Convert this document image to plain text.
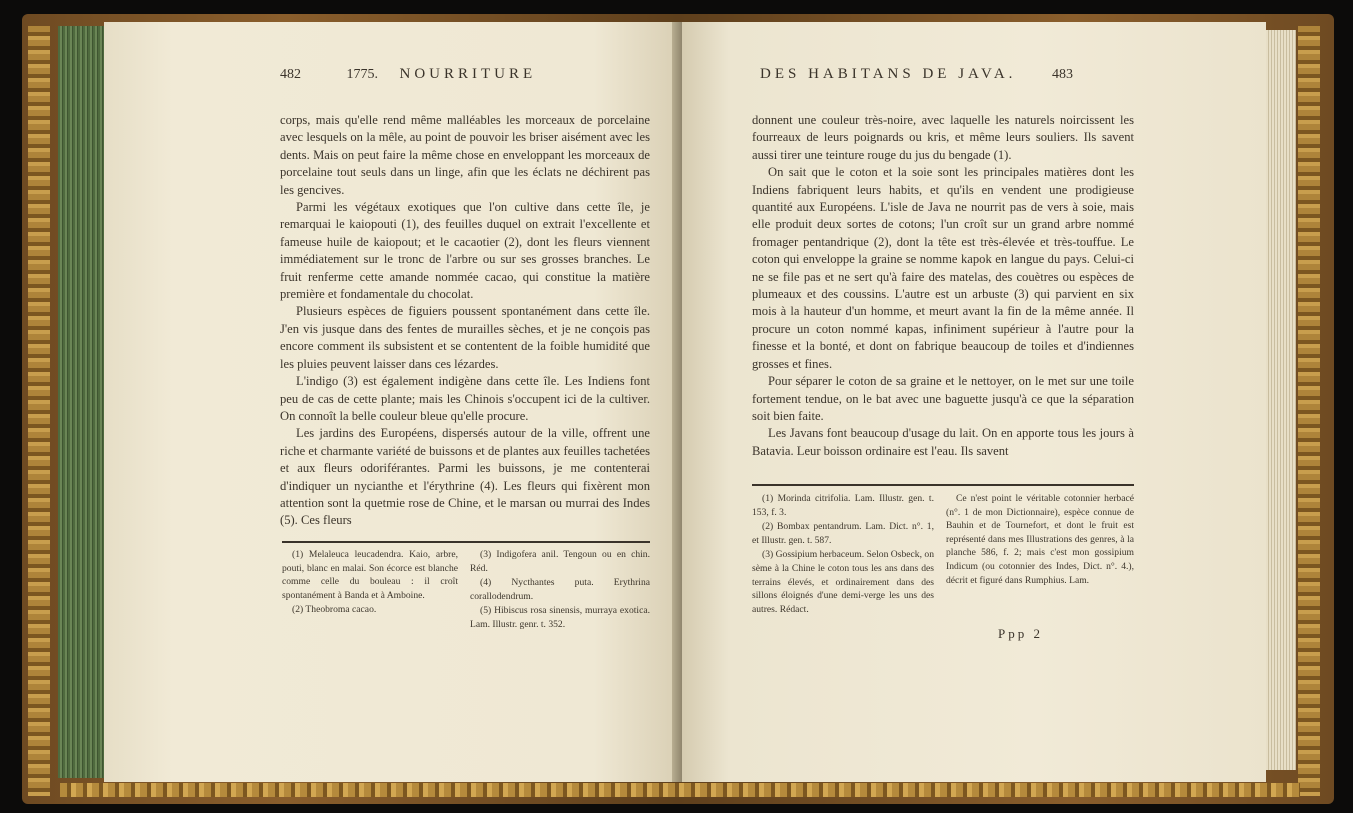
482	1775. NOURRITURE

corps, mais qu'elle rend même malléables les morceaux de porcelaine avec lesquels on la mêle, au point de pouvoir les briser aisément avec les dents. Mais on peut faire la même chose en enveloppant les morceaux de porcelaine tout seuls dans un linge, afin que les éclats ne déchirent pas les gencives.

Parmi les végétaux exotiques que l'on cultive dans cette île, je remarquai le kaiopouti (1), des feuilles duquel on extrait l'excellente et fameuse huile de kaiopout; et le cacaotier (2), dont les fleurs viennent immédiatement sur le tronc de l'arbre ou sur ses grosses branches. Le fruit renferme cette amande nommée cacao, qui constitue la matière première et fondamentale du chocolat.

Plusieurs espèces de figuiers poussent spontanément dans cette île. J'en vis jusque dans des fentes de murailles sèches, et je ne conçois pas encore comment ils subsistent et se contentent de la foible humidité que les pluies peuvent laisser dans ces lézardes.

L'indigo (3) est également indigène dans cette île. Les Indiens font peu de cas de cette plante; mais les Chinois s'occupent ici de la cultiver. On connoît la belle couleur bleue qu'elle procure.

Les jardins des Européens, dispersés autour de la ville, offrent une riche et charmante variété de buissons et de plantes aux feuilles tachetées et aux fleurs odoriférantes. Parmi les buissons, je me contenterai d'indiquer un nycianthe et l'érythrine (4). Les fleurs qui fixèrent mon attention sont la quetmie rose de Chine, et le marsan ou murrai des Indes (5). Ces fleurs

(1) Melaleuca leucadendra. Kaio, arbre, pouti, blanc en malai. Son écorce est blanche comme celle du bouleau : il croît spontanément à Banda et à Amboine.

(2) Theobroma cacao.

(3) Indigofera anil. Tengoun ou en chin. Réd.

(4) Nycthantes puta. Erythrina corallodendrum.

(5) Hibiscus rosa sinensis, murraya exotica. Lam. Illustr. genr. t. 352.

DES HABITANS DE JAVA.	483

donnent une couleur très-noire, avec laquelle les naturels noircissent les fourreaux de leurs poignards ou kris, et même leurs souliers. Ils savent aussi tirer une teinture rouge du jus du bengade (1).

On sait que le coton et la soie sont les principales matières dont les Indiens fabriquent leurs habits, et qu'ils en vendent une prodigieuse quantité aux Européens. L'isle de Java ne nourrit pas de vers à soie, mais elle produit deux sortes de cotons; l'un croît sur un grand arbre nommé fromager pentandrique (2), dont la tête est très-élevée et très-touffue. Le coton qui enveloppe la graine se nomme kapok en langue du pays. Celui-ci ne se file pas et ne sert qu'à faire des matelas, des couètres ou espèces de plumeaux et des coussins. L'autre est un arbuste (3) qui parvient en six mois à la hauteur d'un homme, et meurt avant la fin de la même année. Il procure un coton nommé kapas, infiniment supérieur à l'autre pour la finesse et la bonté, et dont on fabrique beaucoup de toiles et d'indiennes grosses et fines.

Pour séparer le coton de sa graine et le nettoyer, on le met sur une toile fortement tendue, on le bat avec une baguette jusqu'à ce que la séparation soit bien faite.

Les Javans font beaucoup d'usage du lait. On en apporte tous les jours à Batavia. Leur boisson ordinaire est l'eau. Ils savent

(1) Morinda citrifolia. Lam. Illustr. gen. t. 153, f. 3.

(2) Bombax pentandrum. Lam. Dict. n°. 1, et Illustr. gen. t. 587.

(3) Gossipium herbaceum. Selon Osbeck, on sème à la Chine le coton tous les ans dans des terrains élevés, et ordinairement dans des sillons éloignés d'une demi-verge les uns des autres. Rédact.

Ce n'est point le véritable cotonnier herbacé (n°. 1 de mon Dictionnaire), espèce connue de Bauhin et de Tournefort, et dont le fruit est représenté dans mes Illustrations des genres, à la planche 586, f. 2; mais c'est mon gossipium Indicum (ou cotonnier des Indes, Dict. n°. 4.), décrit et figuré dans Rumphius. Lam.

Ppp 2
